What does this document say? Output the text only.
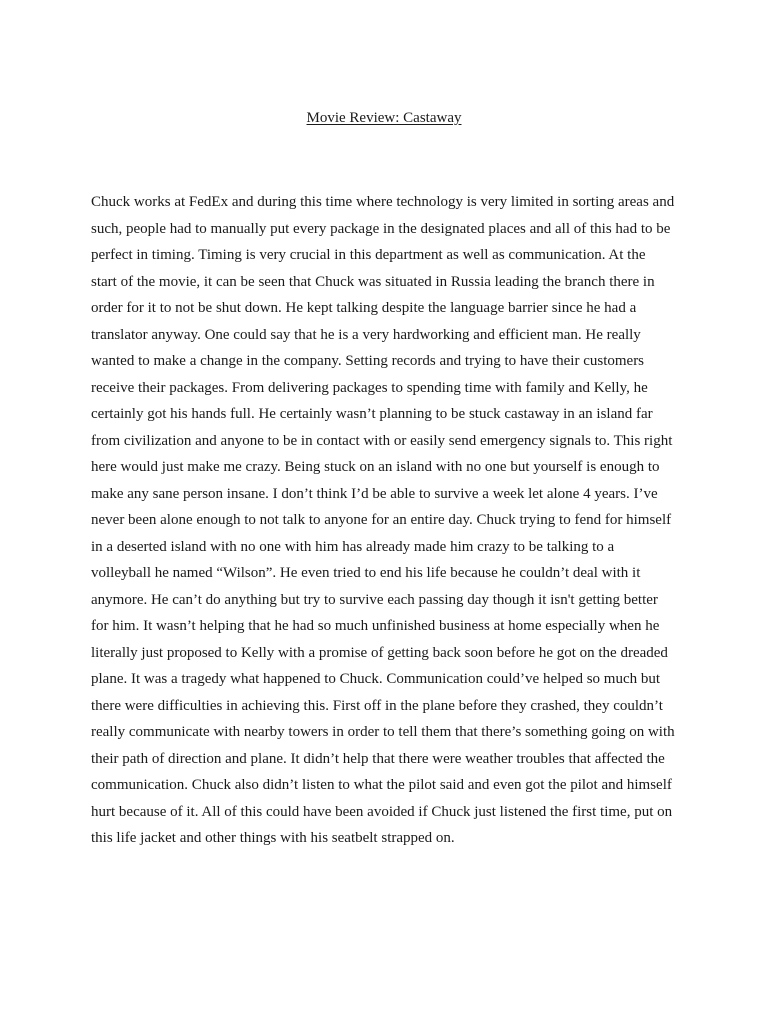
Movie Review: Castaway
Chuck works at FedEx and during this time where technology is very limited in sorting areas and
such, people had to manually put every package in the designated places and all of this had to be
perfect in timing. Timing is very crucial in this department as well as communication. At the
start of the movie, it can be seen that Chuck was situated in Russia leading the branch there in
order for it to not be shut down. He kept talking despite the language barrier since he had a
translator anyway. One could say that he is a very hardworking and efficient man. He really
wanted to make a change in the company. Setting records and trying to have their customers
receive their packages. From delivering packages to spending time with family and Kelly, he
certainly got his hands full. He certainly wasn’t planning to be stuck castaway in an island far
from civilization and anyone to be in contact with or easily send emergency signals to. This right
here would just make me crazy. Being stuck on an island with no one but yourself is enough to
make any sane person insane. I don’t think I’d be able to survive a week let alone 4 years. I’ve
never been alone enough to not talk to anyone for an entire day. Chuck trying to fend for himself
in a deserted island with no one with him has already made him crazy to be talking to a
volleyball he named “Wilson”. He even tried to end his life because he couldn’t deal with it
anymore. He can’t do anything but try to survive each passing day though it isn't getting better
for him. It wasn’t helping that he had so much unfinished business at home especially when he
literally just proposed to Kelly with a promise of getting back soon before he got on the dreaded
plane. It was a tragedy what happened to Chuck. Communication could’ve helped so much but
there were difficulties in achieving this. First off in the plane before they crashed, they couldn’t
really communicate with nearby towers in order to tell them that there’s something going on with
their path of direction and plane. It didn’t help that there were weather troubles that affected the
communication. Chuck also didn’t listen to what the pilot said and even got the pilot and himself
hurt because of it. All of this could have been avoided if Chuck just listened the first time, put on
this life jacket and other things with his seatbelt strapped on.
